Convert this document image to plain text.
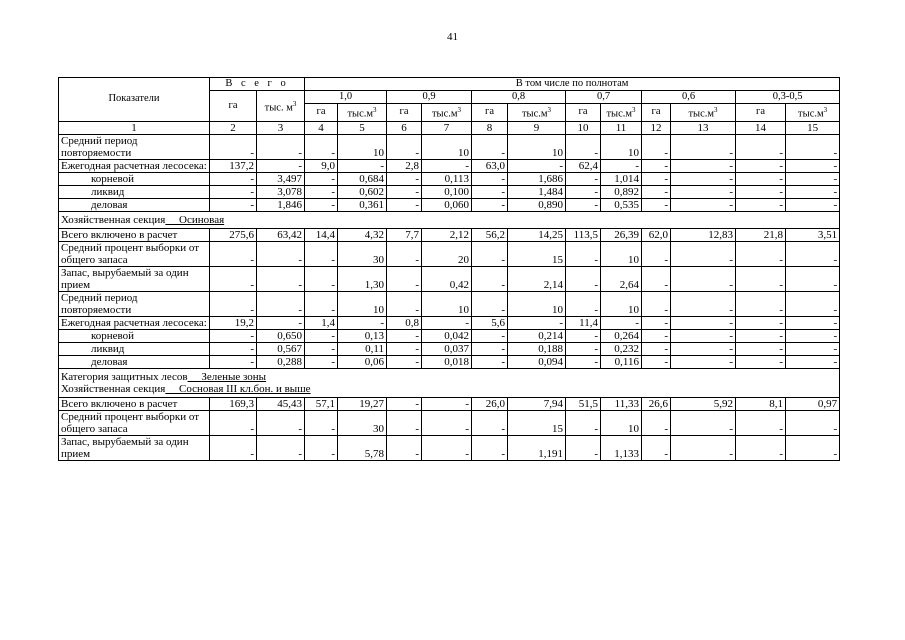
41
Показатели	В с е г о		В том числе по полнотам											
	га	тыс. $м^3$	1,0		0,9		0,8		0,7		0,6		0,3-0,5	
			га	$тыс.м^3$	га	$тыс.м^3$	га	$тыс.м^3$	га	$тыс.м^3$	га	$тыс.м^3$	га	$тыс.м^3$
1	2	3	4	5	6	7	8	9	10	11	12	13	14	15
Средний период повторяемости	-	-	-	10	-	10	-	10	-	10	-	-	-	-
Ежегодная расчетная лесосека:	137,2	-	9,0	-	2,8	-	63,0	-	62,4	-	-	-	-	-
корневой	-	3,497	-	0,684	-	0,113	-	1,686	-	1,014	-	-	-	-
ликвид	-	3,078	-	0,602	-	0,100	-	1,484	-	0,892	-	-	-	-
деловая	-	1,846	-	0,361	-	0,060	-	0,890	-	0,535	-	-	-	-

Хозяйственная секция Осиновая														

Всего включено в расчет	275,6	63,42	14,4	4,32	7,7	2,12	56,2	14,25	113,5	26,39	62,0	12,83	21,8	3,51
Средний процент выборки от общего запаса	-	-	-	30	-	20	-	15	-	10	-	-	-	-
Запас, вырубаемый за один прием	-	-	-	1,30	-	0,42	-	2,14	-	2,64	-	-	-	-
Средний период повторяемости	-	-	-	10	-	10	-	10	-	10	-	-	-	-
Ежегодная расчетная лесосека:	19,2	-	1,4	-	0,8	-	5,6	-	11,4	-	-	-	-	-
корневой	-	0,650	-	0,13	-	0,042	-	0,214	-	0,264	-	-	-	-
ликвид	-	0,567	-	0,11	-	0,037	-	0,188	-	0,232	-	-	-	-
деловая	-	0,288	-	0,06	-	0,018	-	0,094	-	0,116	-	-	-	-

Категория защитных лесов Зеленые зоны
Хозяйственная секция Сосновая III кл.бон. и выше														

Всего включено в расчет	169,3	45,43	57,1	19,27	-	-	26,0	7,94	51,5	11,33	26,6	5,92	8,1	0,97
Средний процент выборки от общего запаса	-	-	-	30	-	-	-	15	-	10	-	-	-	-
Запас, вырубаемый за один прием	-	-	-	5,78	-	-	-	1,191	-	1,133	-	-	-	-
